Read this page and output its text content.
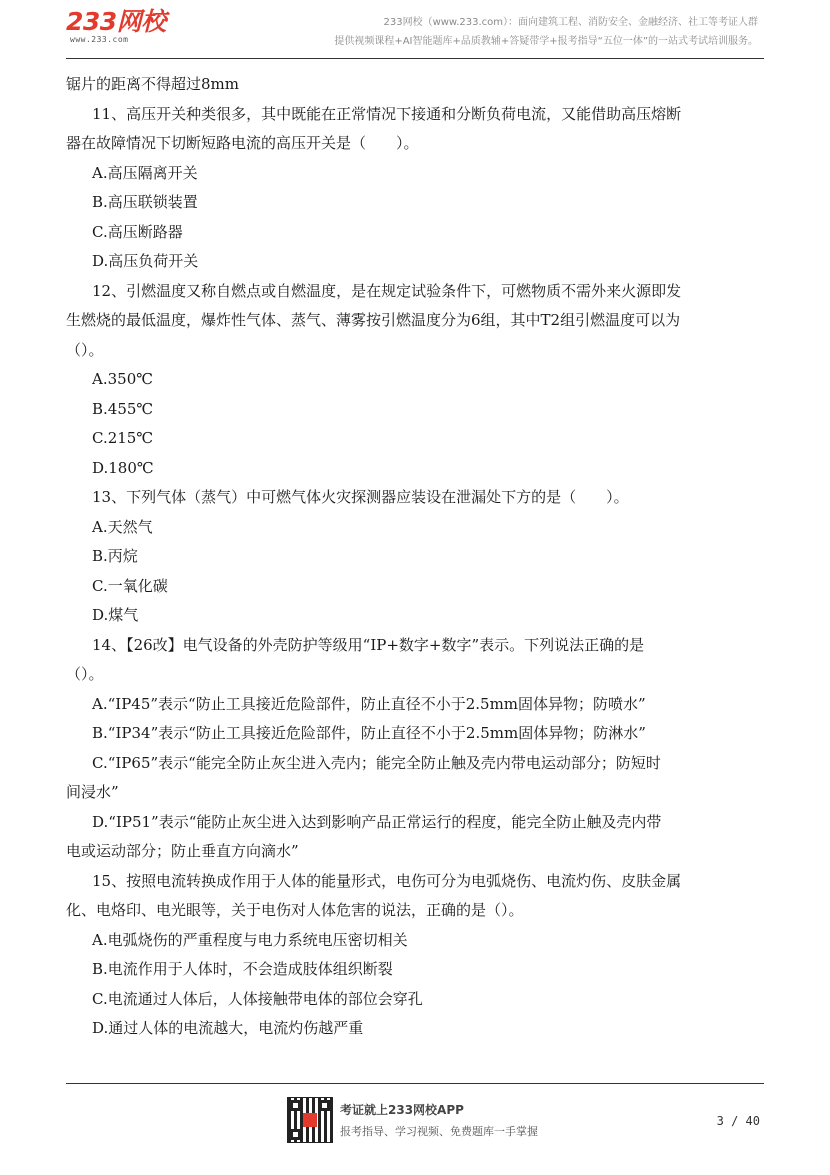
233网校
www.233.com
233网校（www.233.com）：面向建筑工程、消防安全、金融经济、社工等考证人群
提供视频课程+AI智能题库+品质教辅+答疑带学+报考指导“五位一体”的一站式考试培训服务。
锯片的距离不得超过8mm
11、高压开关种类很多，其中既能在正常情况下接通和分断负荷电流，又能借助高压熔断
器在故障情况下切断短路电流的高压开关是（　　）。
A.高压隔离开关
B.高压联锁装置
C.高压断路器
D.高压负荷开关
12、引燃温度又称自燃点或自燃温度，是在规定试验条件下，可燃物质不需外来火源即发
生燃烧的最低温度，爆炸性气体、蒸气、薄雾按引燃温度分为6组，其中T2组引燃温度可以为
（）。
A.350℃
B.455℃
C.215℃
D.180℃
13、下列气体（蒸气）中可燃气体火灾探测器应装设在泄漏处下方的是（　　）。
A.天然气
B.丙烷
C.一氧化碳
D.煤气
14、【26改】电气设备的外壳防护等级用“IP+数字+数字”表示。下列说法正确的是
（）。
A.“IP45”表示“防止工具接近危险部件，防止直径不小于2.5mm固体异物；防喷水”
B.“IP34”表示“防止工具接近危险部件，防止直径不小于2.5mm固体异物；防淋水”
C.“IP65”表示“能完全防止灰尘进入壳内；能完全防止触及壳内带电运动部分；防短时
间浸水”
D.“IP51”表示“能防止灰尘进入达到影响产品正常运行的程度，能完全防止触及壳内带
电或运动部分；防止垂直方向滴水”
15、按照电流转换成作用于人体的能量形式，电伤可分为电弧烧伤、电流灼伤、皮肤金属
化、电烙印、电光眼等，关于电伤对人体危害的说法，正确的是（）。
A.电弧烧伤的严重程度与电力系统电压密切相关
B.电流作用于人体时，不会造成肢体组织断裂
C.电流通过人体后，人体接触带电体的部位会穿孔
D.通过人体的电流越大，电流灼伤越严重
考证就上233网校APP
报考指导、学习视频、免费题库一手掌握
3 / 40
